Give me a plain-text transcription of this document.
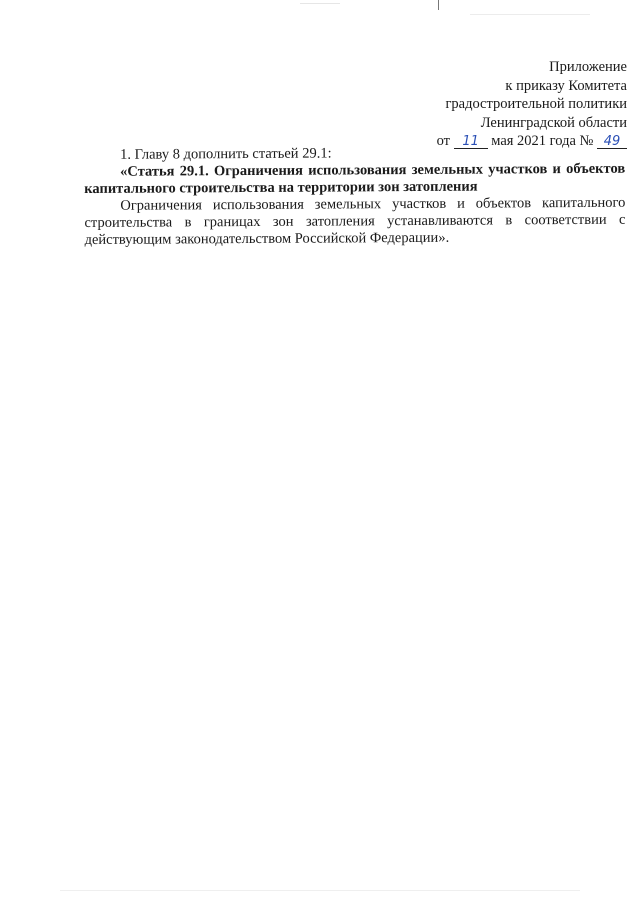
Приложение
к приказу Комитета
градостроительной политики
Ленинградской области
от 11 мая 2021 года № 49
1. Главу 8 дополнить статьей 29.1:
«Статья 29.1. Ограничения использования земельных участков и объектов капитального строительства на территории зон затопления
Ограничения использования земельных участков и объектов капитального строительства в границах зон затопления устанавливаются в соответствии с действующим законодательством Российской Федерации».
